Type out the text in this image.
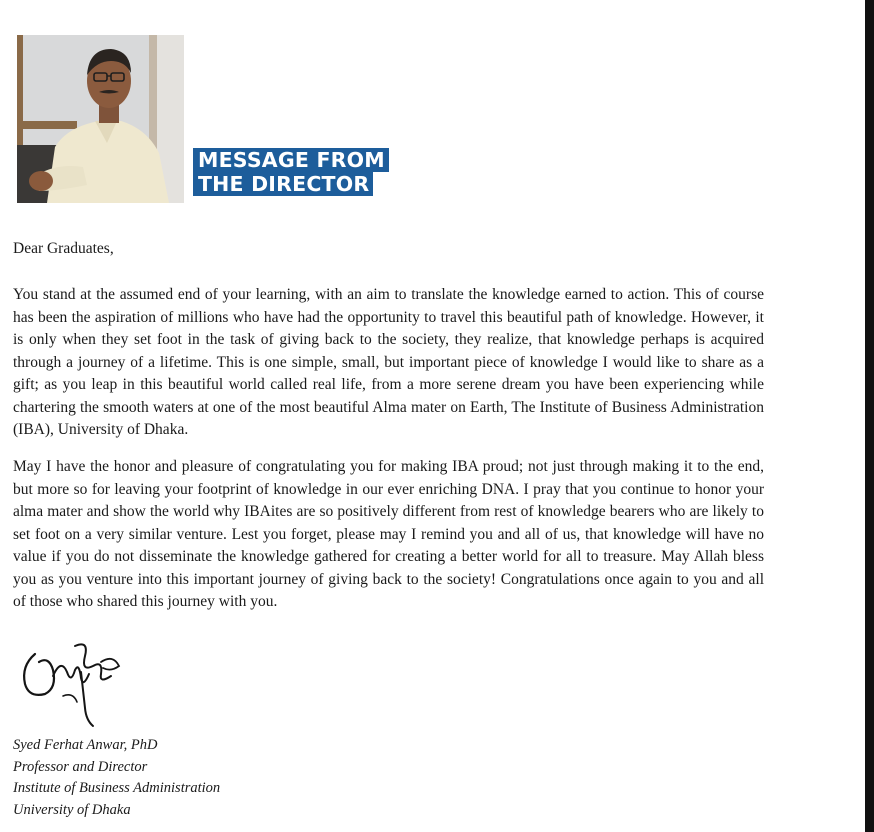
MESSAGE FROM
THE DIRECTOR

Dear Graduates,

You stand at the assumed end of your learning, with an aim to translate the knowledge earned to action. This of course has been the aspiration of millions who have had the opportunity to travel this beautiful path of knowledge. However, it is only when they set foot in the task of giving back to the society, they realize, that knowledge perhaps is acquired through a journey of a lifetime. This is one simple, small, but important piece of knowledge I would like to share as a gift; as you leap in this beautiful world called real life, from a more serene dream you have been experiencing while chartering the smooth waters at one of the most beautiful Alma mater on Earth, The Institute of Business Administration (IBA), University of Dhaka.

May I have the honor and pleasure of congratulating you for making IBA proud; not just through making it to the end, but more so for leaving your footprint of knowledge in our ever enriching DNA. I pray that you continue to honor your alma mater and show the world why IBAites are so positively different from rest of knowledge bearers who are likely to set foot on a very similar venture. Lest you forget, please may I remind you and all of us, that knowledge will have no value if you do not disseminate the knowledge gathered for creating a better world for all to treasure. May Allah bless you as you venture into this important journey of giving back to the society! Congratulations once again to you and all of those who shared this journey with you.

Syed Ferhat Anwar, PhD
Professor and Director
Institute of Business Administration
University of Dhaka
